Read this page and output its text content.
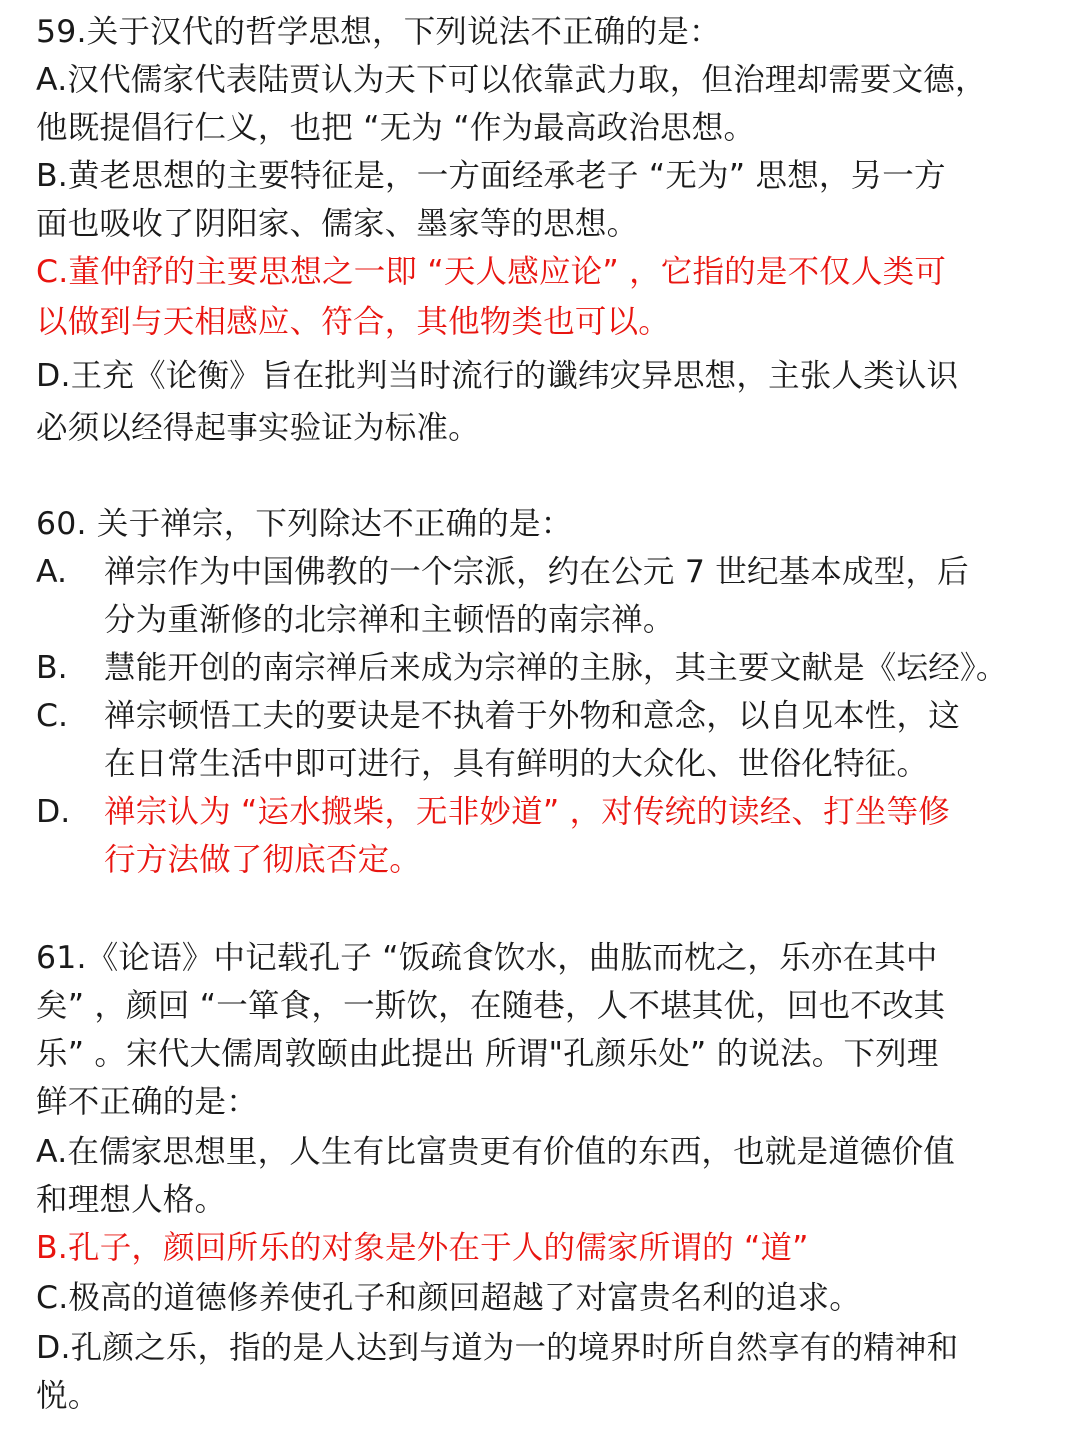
59.关于汉代的哲学思想，下列说法不正确的是：
A.汉代儒家代表陆贾认为天下可以依靠武力取，但治理却需要文德，
他既提倡行仁义，也把 “无为 “作为最高政治思想。
B.黄老思想的主要特征是，一方面经承老子 “无为” 思想，另一方
面也吸收了阴阳家、儒家、墨家等的思想。
C.董仲舒的主要思想之一即 “天人感应论” ，它指的是不仅人类可
以做到与天相感应、符合，其他物类也可以。
D.王充《论衡》旨在批判当时流行的谶纬灾异思想，主张人类认识
必须以经得起事实验证为标准。
60. 关于禅宗，下列除达不正确的是：
A. 禅宗作为中国佛教的一个宗派，约在公元 7 世纪基本成型，后
分为重渐修的北宗禅和主顿悟的南宗禅。
B. 慧能开创的南宗禅后来成为宗禅的主脉，其主要文献是《坛经》。
C. 禅宗顿悟工夫的要诀是不执着于外物和意念，以自见本性，这
在日常生活中即可进行，具有鲜明的大众化、世俗化特征。
D. 禅宗认为 “运水搬柴，无非妙道” ，对传统的读经、打坐等修
行方法做了彻底否定。
61.《论语》中记载孔子 “饭疏食饮水，曲肱而枕之，乐亦在其中
矣” ，颜回 “一箪食，一斯饮，在随巷，人不堪其优，回也不改其
乐” 。宋代大儒周敦颐由此提出 所谓"孔颜乐处” 的说法。下列理
鲜不正确的是：
A.在儒家思想里，人生有比富贵更有价值的东西，也就是道德价值
和理想人格。
B.孔子，颜回所乐的对象是外在于人的儒家所谓的 “道”
C.极高的道德修养使孔子和颜回超越了对富贵名利的追求。
D.孔颜之乐，指的是人达到与道为一的境界时所自然享有的精神和
悦。
